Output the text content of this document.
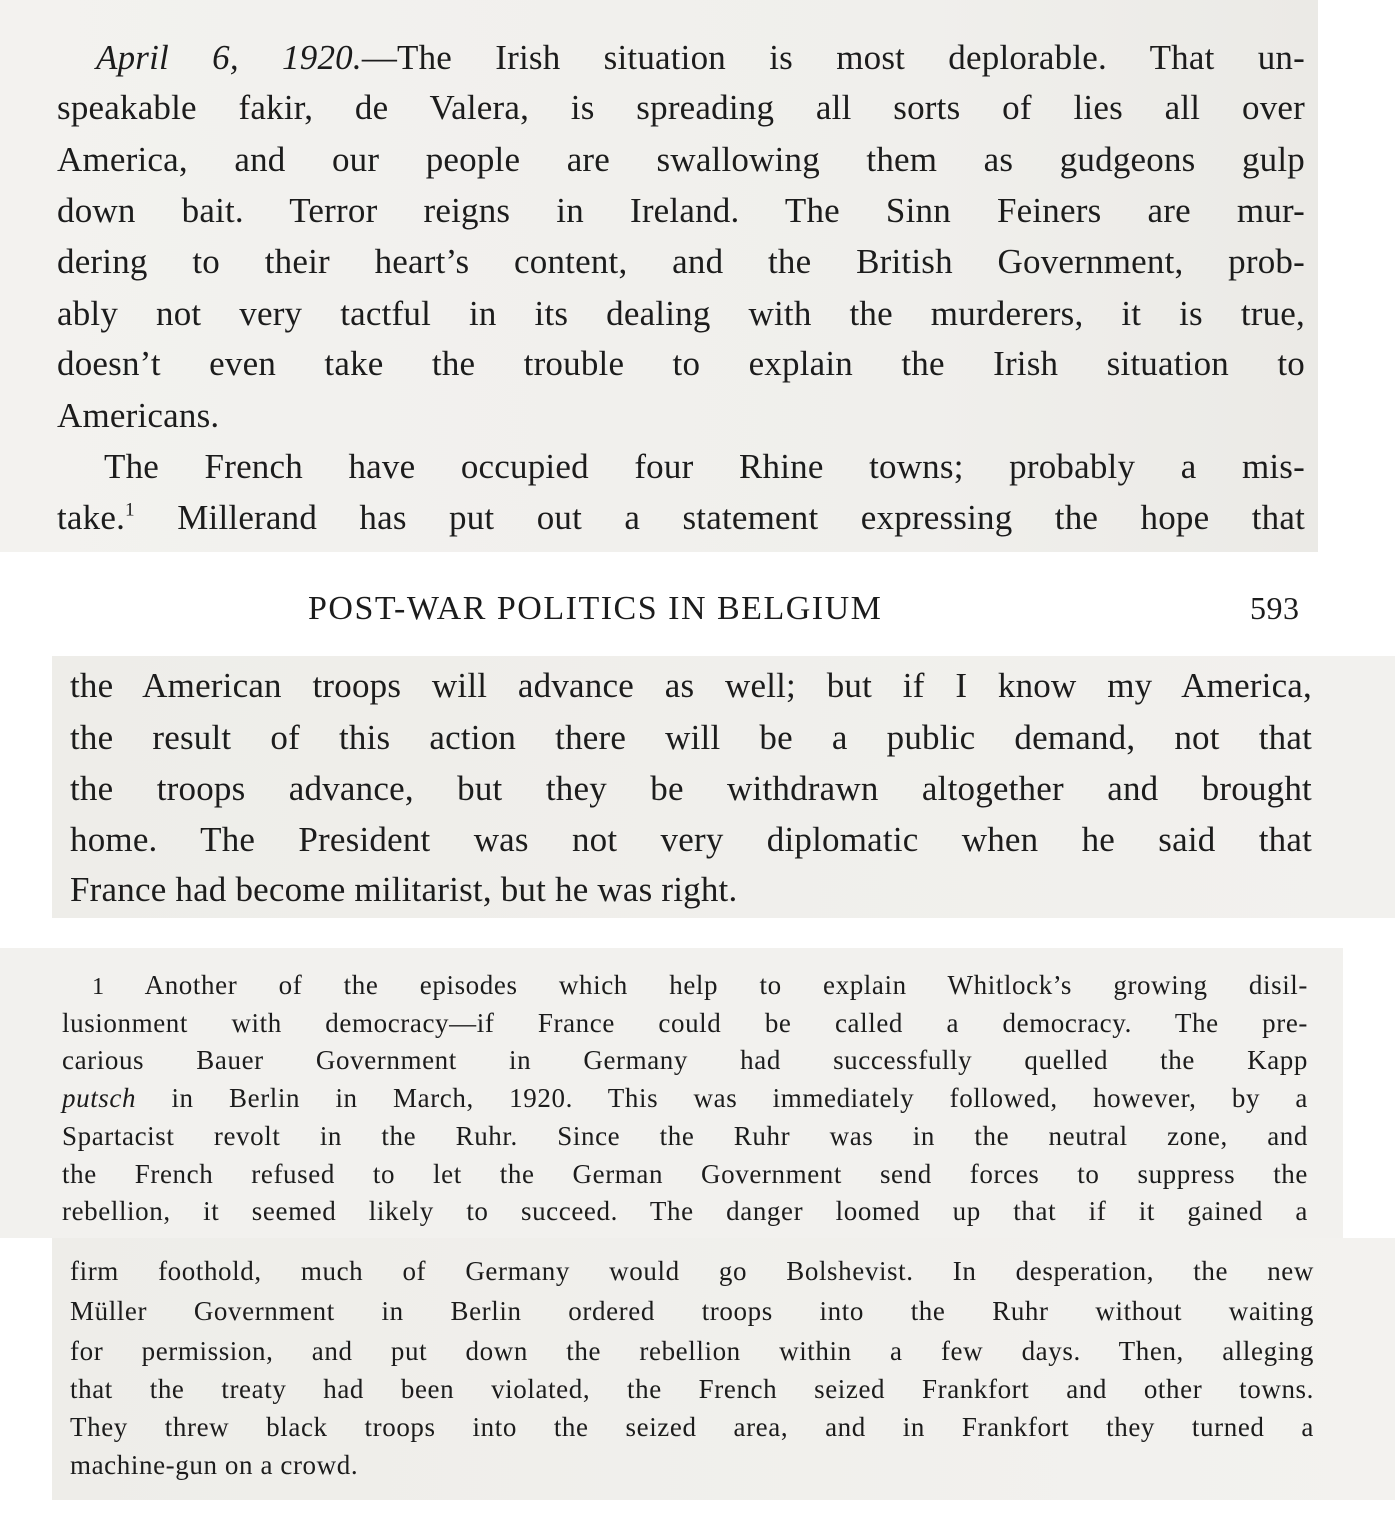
April 6, 1920.—The Irish situation is most deplorable. That un-

speakable fakir, de Valera, is spreading all sorts of lies all over

America, and our people are swallowing them as gudgeons gulp

down bait. Terror reigns in Ireland. The Sinn Feiners are mur-

dering to their heart’s content, and the British Government, prob-

ably not very tactful in its dealing with the murderers, it is true,

doesn’t even take the trouble to explain the Irish situation to

Americans.

The French have occupied four Rhine towns; probably a mis-

take.$^1$ Millerand has put out a statement expressing the hope that

POST-WAR POLITICS IN BELGIUM	593

the American troops will advance as well; but if I know my America,

the result of this action there will be a public demand, not that

the troops advance, but they be withdrawn altogether and brought

home. The President was not very diplomatic when he said that

France had become militarist, but he was right.

1 Another of the episodes which help to explain Whitlock’s growing disil-

lusionment with democracy—if France could be called a democracy. The pre-

carious Bauer Government in Germany had successfully quelled the Kapp

putsch in Berlin in March, 1920. This was immediately followed, however, by a

Spartacist revolt in the Ruhr. Since the Ruhr was in the neutral zone, and

the French refused to let the German Government send forces to suppress the

rebellion, it seemed likely to succeed. The danger loomed up that if it gained a

firm foothold, much of Germany would go Bolshevist. In desperation, the new

Müller Government in Berlin ordered troops into the Ruhr without waiting

for permission, and put down the rebellion within a few days. Then, alleging

that the treaty had been violated, the French seized Frankfort and other towns.

They threw black troops into the seized area, and in Frankfort they turned a

machine-gun on a crowd.
